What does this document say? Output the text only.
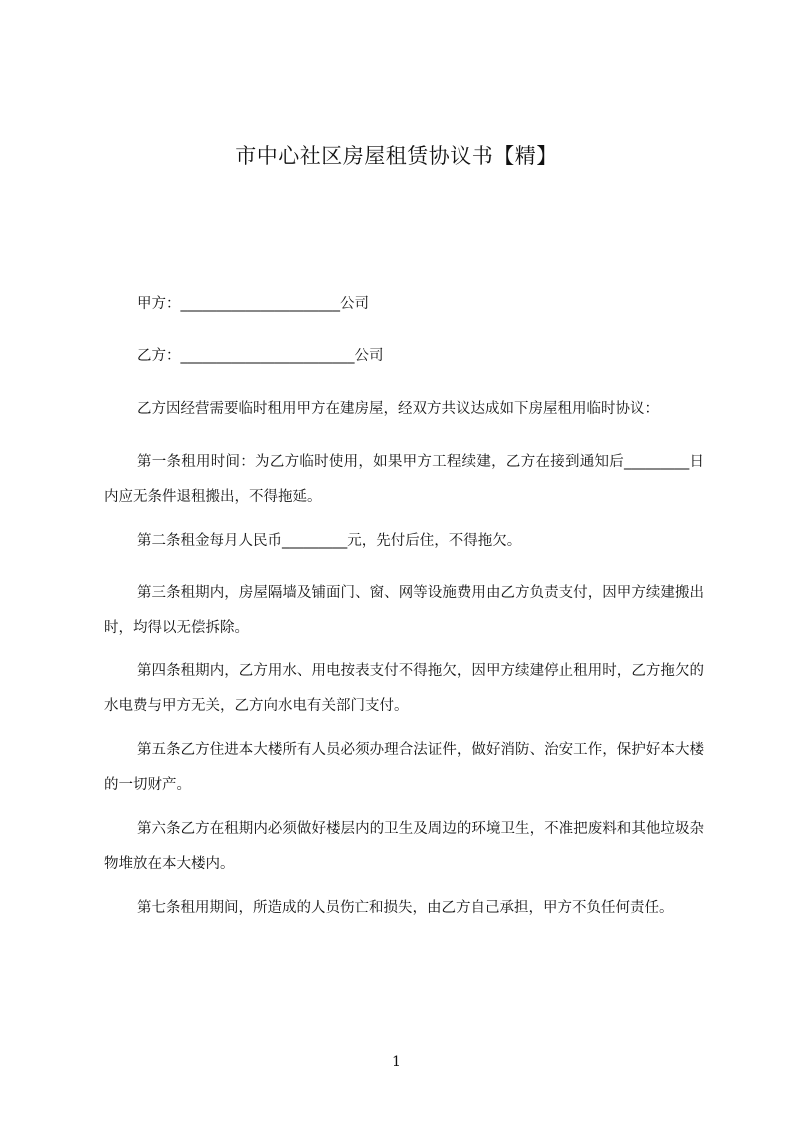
市中心社区房屋租赁协议书【精】
甲方：______________________公司
乙方：________________________公司
乙方因经营需要临时租用甲方在建房屋，经双方共议达成如下房屋租用临时协议：
第一条租用时间：为乙方临时使用，如果甲方工程续建，乙方在接到通知后_________日内应无条件退租搬出，不得拖延。
第二条租金每月人民币_________元，先付后住，不得拖欠。
第三条租期内，房屋隔墙及铺面门、窗、网等设施费用由乙方负责支付，因甲方续建搬出时，均得以无偿拆除。
第四条租期内，乙方用水、用电按表支付不得拖欠，因甲方续建停止租用时，乙方拖欠的水电费与甲方无关，乙方向水电有关部门支付。
第五条乙方住进本大楼所有人员必须办理合法证件，做好消防、治安工作，保护好本大楼的一切财产。
第六条乙方在租期内必须做好楼层内的卫生及周边的环境卫生，不准把废料和其他垃圾杂物堆放在本大楼内。
第七条租用期间，所造成的人员伤亡和损失，由乙方自己承担，甲方不负任何责任。
1
